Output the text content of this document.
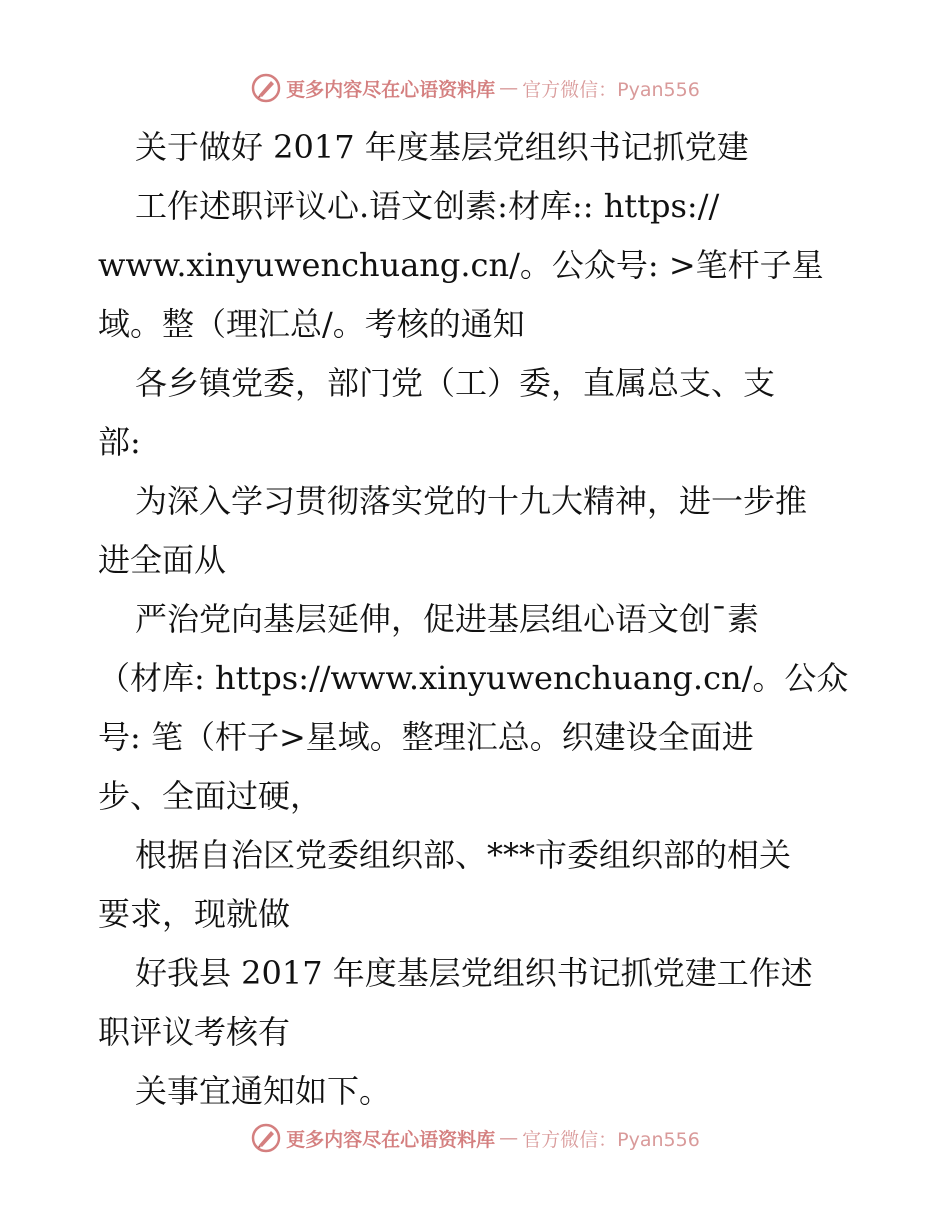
更多内容尽在心语资料库 — 官方微信：Pyan556
关于做好 2017 年度基层党组织书记抓党建
工作述职评议心.语文创素:材库:: https://
www.xinyuwenchuang.cn/。公众号: >笔杆子星
域。整（理汇总/。考核的通知
各乡镇党委，部门党（工）委，直属总支、支
部:
为深入学习贯彻落实党的十九大精神，进一步推
进全面从
严治党向基层延伸，促进基层组心语文创¯素
（材库: https://www.xinyuwenchuang.cn/。公众
号: 笔（杆子>星域。整理汇总。织建设全面进
步、全面过硬，
根据自治区党委组织部、***市委组织部的相关
要求，现就做
好我县 2017 年度基层党组织书记抓党建工作述
职评议考核有
关事宜通知如下。
更多内容尽在心语资料库 — 官方微信：Pyan556
